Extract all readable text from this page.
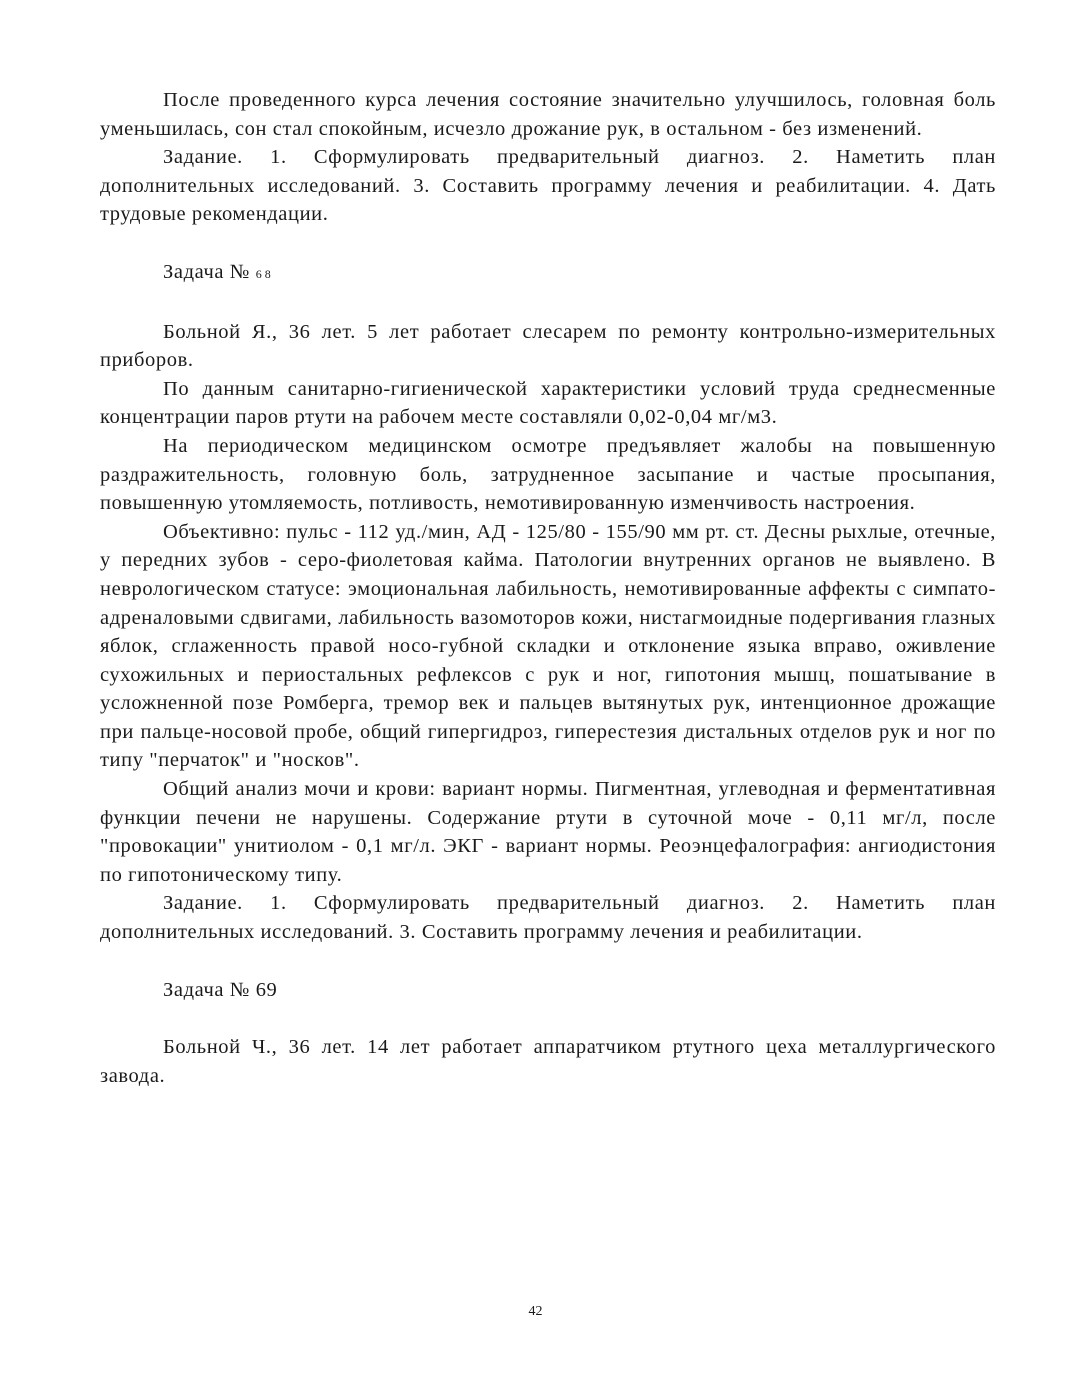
После проведенного курса лечения состояние значительно улучшилось, головная боль уменьшилась, сон стал спокойным, исчезло дрожание рук, в остальном - без изменений.

Задание. 1. Сформулировать предварительный диагноз. 2. Наметить план дополнительных исследований. 3. Составить программу лечения и реабилитации. 4. Дать трудовые рекомендации.

Задача № 68

Больной Я., 36 лет. 5 лет работает слесарем по ремонту контрольно-измерительных приборов.

По данным санитарно-гигиенической характеристики условий труда среднесменные концентрации паров ртути на рабочем месте составляли 0,02-0,04 мг/м3.

На периодическом медицинском осмотре предъявляет жалобы на повышенную раздражительность, головную боль, затрудненное засыпание и частые просыпания, повышенную утомляемость, потливость, немотивированную изменчивость настроения.

Объективно: пульс - 112 уд./мин, АД - 125/80 - 155/90 мм рт. ст. Десны рыхлые, отечные, у передних зубов - серо-фиолетовая кайма. Патологии внутренних органов не выявлено. В неврологическом статусе: эмоциональная лабильность, немотивированные аффекты с симпато-адреналовыми сдвигами, лабильность вазомоторов кожи, нистагмоидные подергивания глазных яблок, сглаженность правой носо-губной складки и отклонение языка вправо, оживление сухожильных и периостальных рефлексов с рук и ног, гипотония мышц, пошатывание в усложненной позе Ромберга, тремор век и пальцев вытянутых рук, интенционное дрожащие при пальце-носовой пробе, общий гипергидроз, гиперестезия дистальных отделов рук и ног по типу "перчаток" и "носков".

Общий анализ мочи и крови: вариант нормы. Пигментная, углеводная и ферментативная функции печени не нарушены. Содержание ртути в суточной моче - 0,11 мг/л, после "провокации" унитиолом - 0,1 мг/л. ЭКГ - вариант нормы. Реоэнцефалография: ангиодистония по гипотоническому типу.

Задание. 1. Сформулировать предварительный диагноз. 2. Наметить план дополнительных исследований. 3. Составить программу лечения и реабилитации.

Задача № 69

Больной Ч., 36 лет. 14 лет работает аппаратчиком ртутного цеха металлургического завода.

42
